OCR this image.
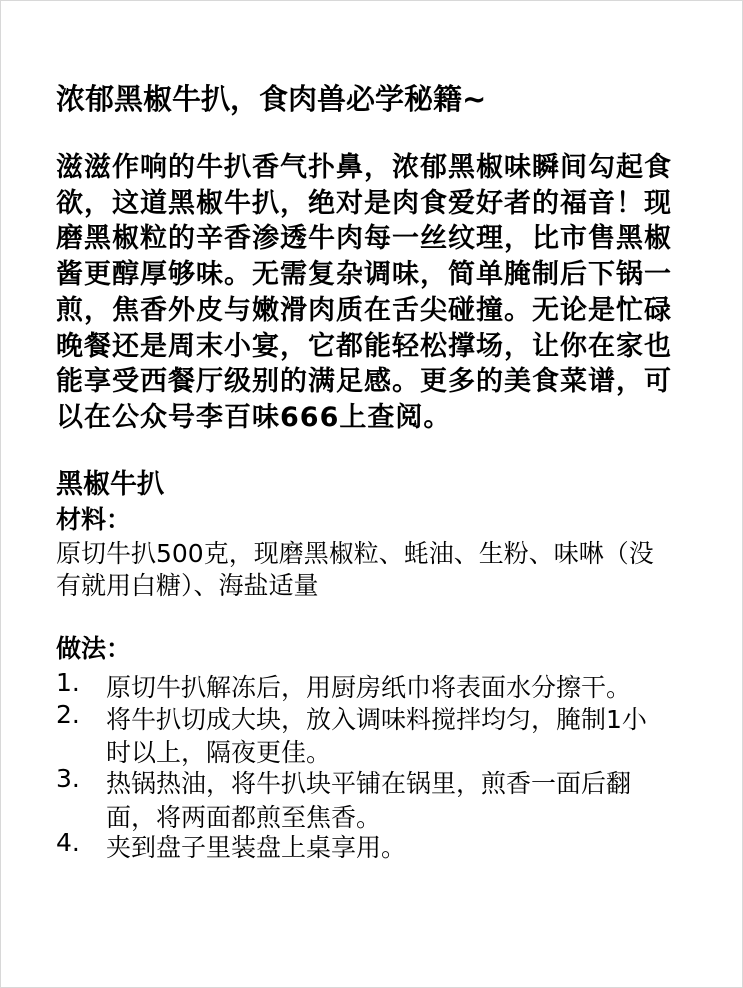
浓郁黑椒牛扒，食肉兽必学秘籍~
滋滋作响的牛扒香气扑鼻，浓郁黑椒味瞬间勾起食
欲，这道黑椒牛扒，绝对是肉食爱好者的福音！现
磨黑椒粒的辛香渗透牛肉每一丝纹理，比市售黑椒
酱更醇厚够味。无需复杂调味，简单腌制后下锅一
煎，焦香外皮与嫩滑肉质在舌尖碰撞。无论是忙碌
晚餐还是周末小宴，它都能轻松撑场，让你在家也
能享受西餐厅级别的满足感。更多的美食菜谱，可
以在公众号李百味666上查阅。
黑椒牛扒
材料：
原切牛扒500克，现磨黑椒粒、蚝油、生粉、味啉（没
有就用白糖）、海盐适量
做法：
1. 原切牛扒解冻后，用厨房纸巾将表面水分擦干。
2. 将牛扒切成大块，放入调味料搅拌均匀，腌制1小
时以上，隔夜更佳。
3. 热锅热油，将牛扒块平铺在锅里，煎香一面后翻
面，将两面都煎至焦香。
4. 夹到盘子里装盘上桌享用。
